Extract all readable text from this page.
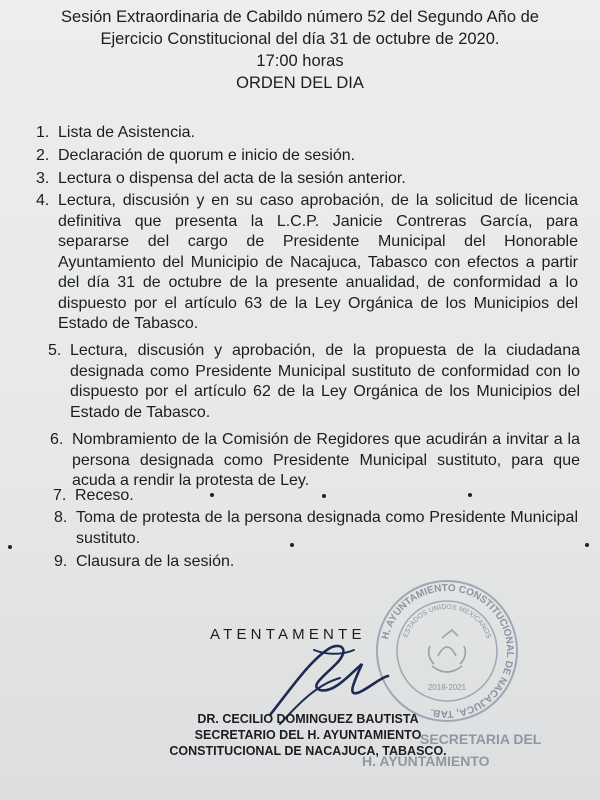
Sesión Extraordinaria de Cabildo número 52 del Segundo Año de
Ejercicio Constitucional del día 31 de octubre de 2020.
17:00 horas
ORDEN DEL DIA
1. Lista de Asistencia.
2. Declaración de quorum e inicio de sesión.
3. Lectura o dispensa del acta de la sesión anterior.
4. Lectura, discusión y en su caso aprobación, de la solicitud de licencia definitiva que presenta la L.C.P. Janicie Contreras García, para separarse del cargo de Presidente Municipal del Honorable Ayuntamiento del Municipio de Nacajuca, Tabasco con efectos a partir del día 31 de octubre de la presente anualidad, de conformidad a lo dispuesto por el artículo 63 de la Ley Orgánica de los Municipios del Estado de Tabasco.
5. Lectura, discusión y aprobación, de la propuesta de la ciudadana designada como Presidente Municipal sustituto de conformidad con lo dispuesto por el artículo 62 de la Ley Orgánica de los Municipios del Estado de Tabasco.
6. Nombramiento de la Comisión de Regidores que acudirán a invitar a la persona designada como Presidente Municipal sustituto, para que acuda a rendir la protesta de Ley.
7. Receso.
8. Toma de protesta de la persona designada como Presidente Municipal sustituto.
9. Clausura de la sesión.
H. AYUNTAMIENTO CONSTITUCIONAL DE NACAJUCA, TAB.
ESTADOS UNIDOS MEXICANOS
2018-2021
ATENTAMENTE
DR. CECILIO DOMINGUEZ BAUTISTA
SECRETARIO DEL H. AYUNTAMIENTO
CONSTITUCIONAL DE NACAJUCA, TABASCO.
SECRETARIA DEL
H. AYUNTAMIENTO
